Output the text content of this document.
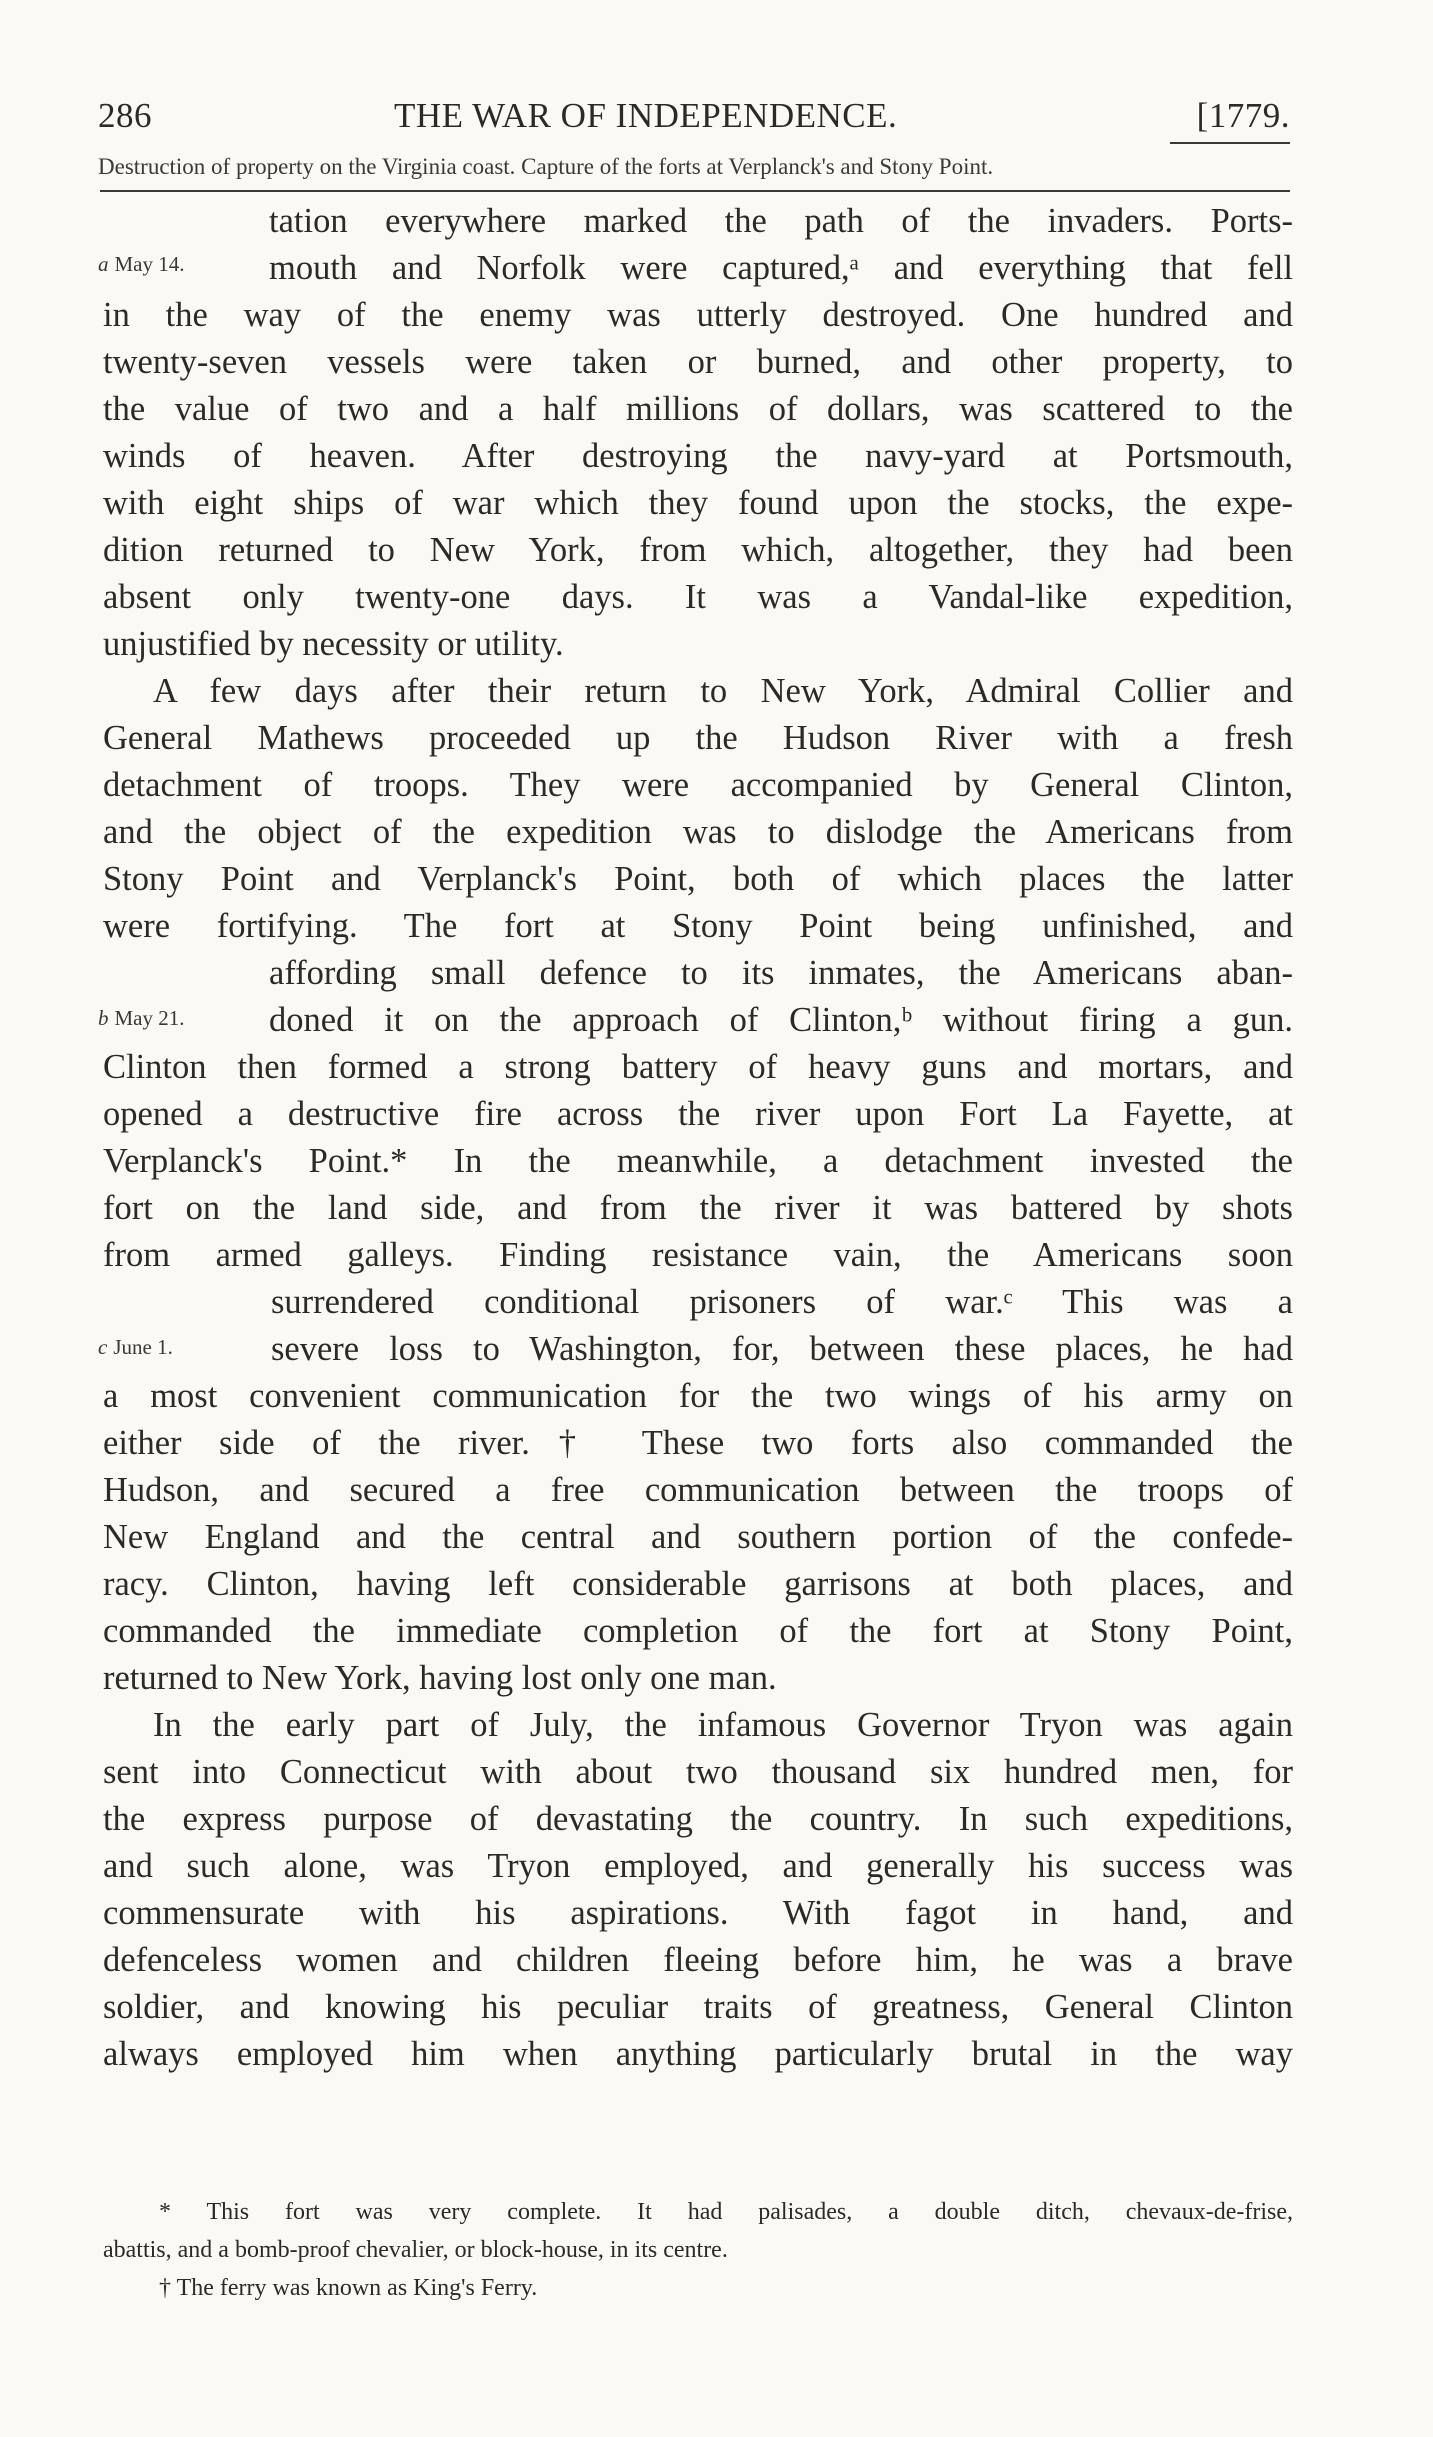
286	THE WAR OF INDEPENDENCE.	[1779.
Destruction of property on the Virginia coast. Capture of the forts at Verplanck's and Stony Point.
a May 14.
b May 21.
c June 1.
tation everywhere marked the path of the invaders. Ports-
mouth and Norfolk were captured,ᵃ and everything that fell
in the way of the enemy was utterly destroyed. One hundred and
twenty-seven vessels were taken or burned, and other property, to
the value of two and a half millions of dollars, was scattered to the
winds of heaven. After destroying the navy-yard at Portsmouth,
with eight ships of war which they found upon the stocks, the expe-
dition returned to New York, from which, altogether, they had been
absent only twenty-one days. It was a Vandal-like expedition,
unjustified by necessity or utility.
A few days after their return to New York, Admiral Collier and
General Mathews proceeded up the Hudson River with a fresh
detachment of troops. They were accompanied by General Clinton,
and the object of the expedition was to dislodge the Americans from
Stony Point and Verplanck's Point, both of which places the latter
were fortifying. The fort at Stony Point being unfinished, and
affording small defence to its inmates, the Americans aban-
doned it on the approach of Clinton,ᵇ without firing a gun.
Clinton then formed a strong battery of heavy guns and mortars, and
opened a destructive fire across the river upon Fort La Fayette, at
Verplanck's Point.* In the meanwhile, a detachment invested the
fort on the land side, and from the river it was battered by shots
from armed galleys. Finding resistance vain, the Americans soon
surrendered conditional prisoners of war.ᶜ This was a
severe loss to Washington, for, between these places, he had
a most convenient communication for the two wings of his army on
either side of the river.† These two forts also commanded the
Hudson, and secured a free communication between the troops of
New England and the central and southern portion of the confede-
racy. Clinton, having left considerable garrisons at both places, and
commanded the immediate completion of the fort at Stony Point,
returned to New York, having lost only one man.
In the early part of July, the infamous Governor Tryon was again
sent into Connecticut with about two thousand six hundred men, for
the express purpose of devastating the country. In such expeditions,
and such alone, was Tryon employed, and generally his success was
commensurate with his aspirations. With fagot in hand, and
defenceless women and children fleeing before him, he was a brave
soldier, and knowing his peculiar traits of greatness, General Clinton
always employed him when anything particularly brutal in the way
* This fort was very complete. It had palisades, a double ditch, chevaux-de-frise,
abattis, and a bomb-proof chevalier, or block-house, in its centre.
† The ferry was known as King's Ferry.
